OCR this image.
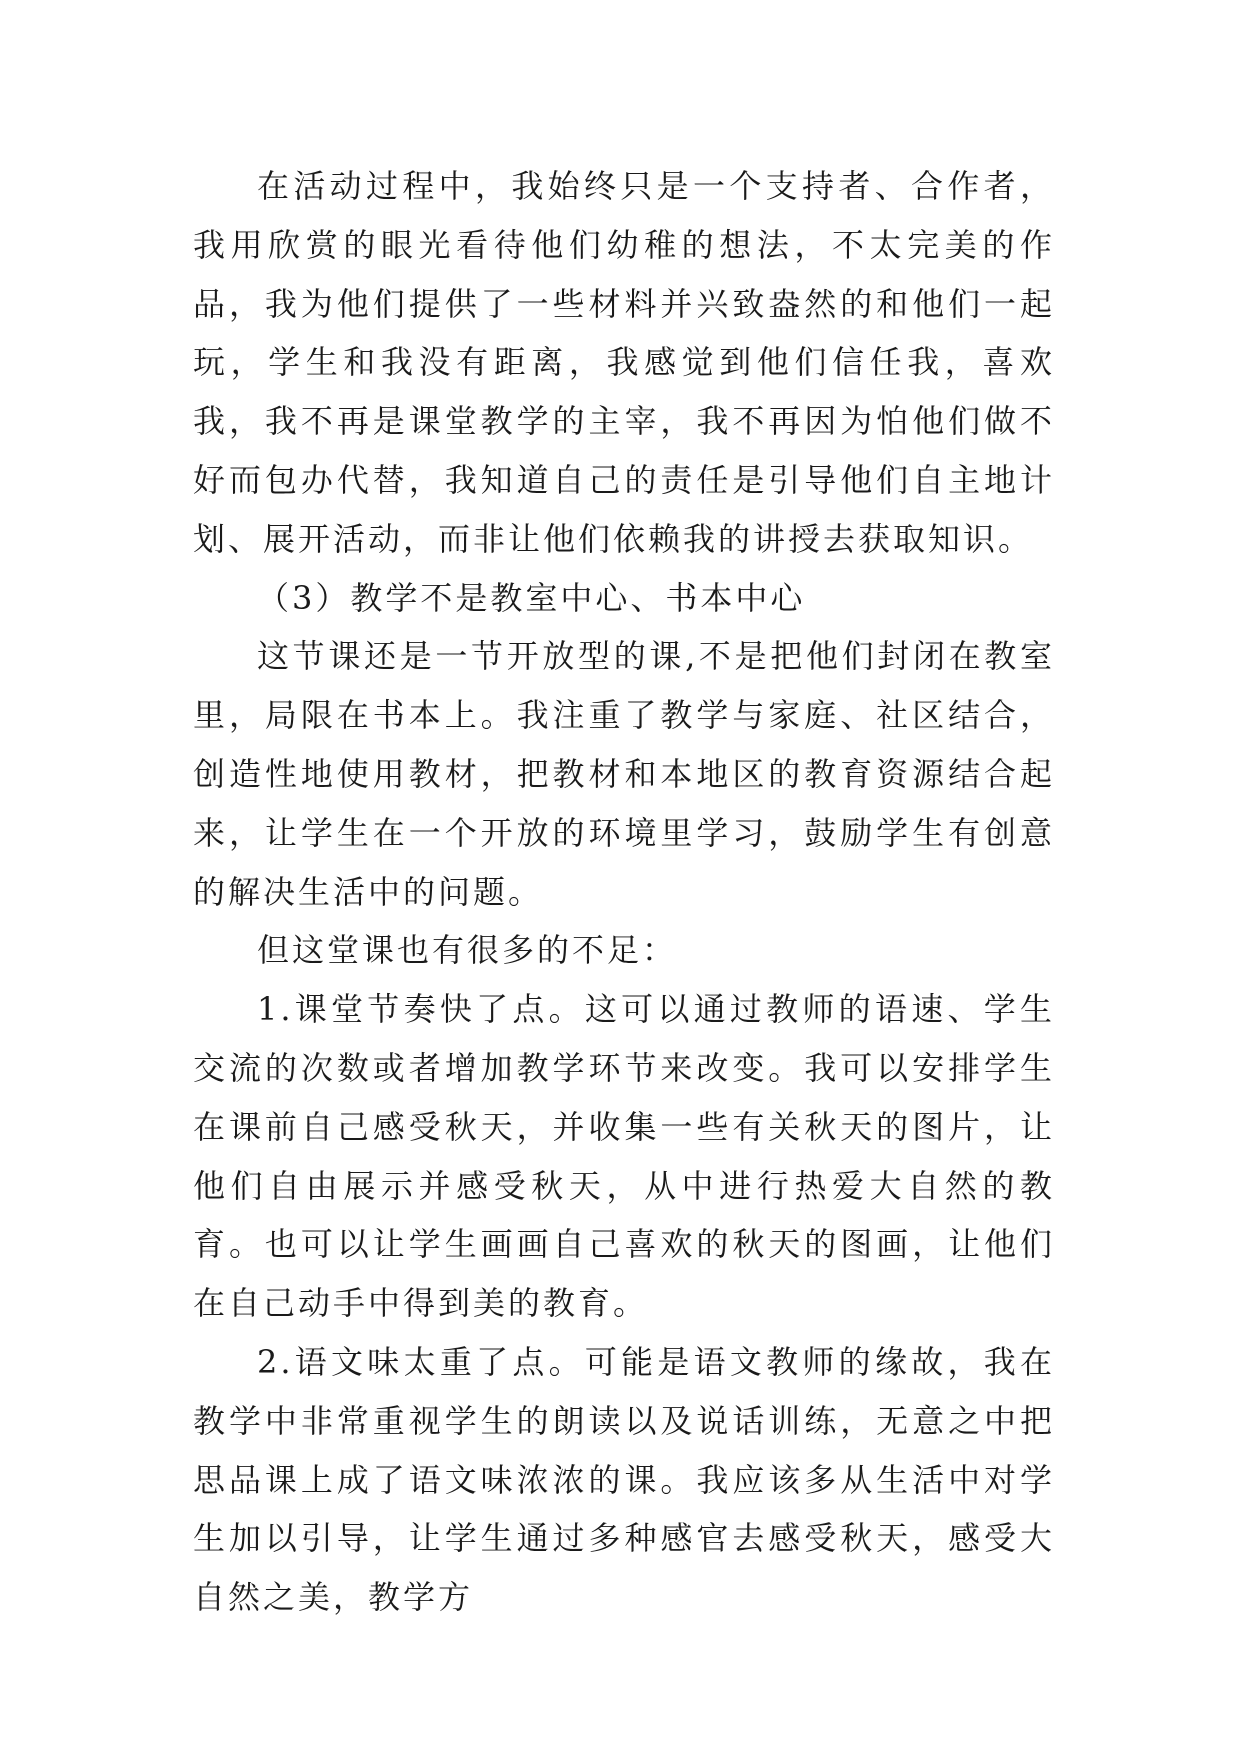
在活动过程中，我始终只是一个支持者、合作者，我用欣赏的眼光看待他们幼稚的想法，不太完美的作品，我为他们提供了一些材料并兴致盎然的和他们一起玩，学生和我没有距离，我感觉到他们信任我，喜欢我，我不再是课堂教学的主宰，我不再因为怕他们做不好而包办代替，我知道自己的责任是引导他们自主地计划、展开活动，而非让他们依赖我的讲授去获取知识。

（3）教学不是教室中心、书本中心

这节课还是一节开放型的课,不是把他们封闭在教室里，局限在书本上。我注重了教学与家庭、社区结合，创造性地使用教材，把教材和本地区的教育资源结合起来，让学生在一个开放的环境里学习，鼓励学生有创意的解决生活中的问题。

但这堂课也有很多的不足：

1.课堂节奏快了点。这可以通过教师的语速、学生交流的次数或者增加教学环节来改变。我可以安排学生在课前自己感受秋天，并收集一些有关秋天的图片，让他们自由展示并感受秋天，从中进行热爱大自然的教育。也可以让学生画画自己喜欢的秋天的图画，让他们在自己动手中得到美的教育。

2.语文味太重了点。可能是语文教师的缘故，我在教学中非常重视学生的朗读以及说话训练，无意之中把思品课上成了语文味浓浓的课。我应该多从生活中对学生加以引导，让学生通过多种感官去感受秋天，感受大自然之美，教学方
